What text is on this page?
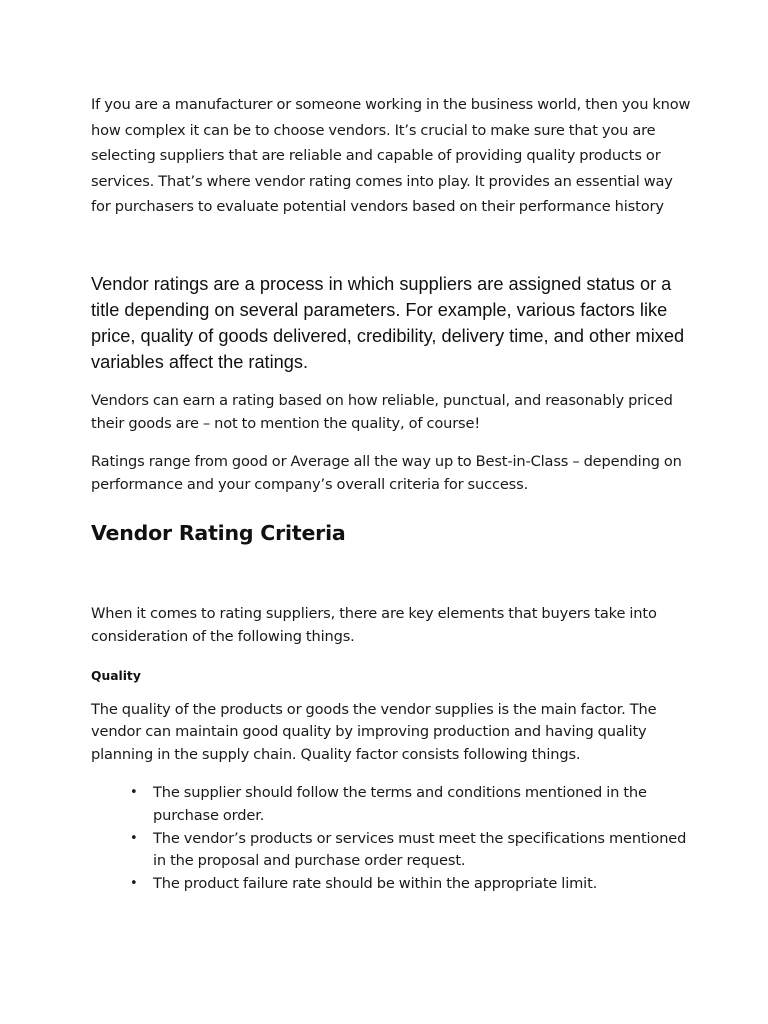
If you are a manufacturer or someone working in the business world, then you know how complex it can be to choose vendors. It’s crucial to make sure that you are selecting suppliers that are reliable and capable of providing quality products or services. That’s where vendor rating comes into play. It provides an essential way for purchasers to evaluate potential vendors based on their performance history

Vendor ratings are a process in which suppliers are assigned status or a title depending on several parameters. For example, various factors like price, quality of goods delivered, credibility, delivery time, and other mixed variables affect the ratings.

Vendors can earn a rating based on how reliable, punctual, and reasonably priced their goods are – not to mention the quality, of course!

Ratings range from good or Average all the way up to Best-in-Class – depending on performance and your company’s overall criteria for success.

Vendor Rating Criteria

When it comes to rating suppliers, there are key elements that buyers take into consideration of the following things.

Quality

The quality of the products or goods the vendor supplies is the main factor. The vendor can maintain good quality by improving production and having quality planning in the supply chain. Quality factor consists following things.

• The supplier should follow the terms and conditions mentioned in the purchase order.
• The vendor’s products or services must meet the specifications mentioned in the proposal and purchase order request.
• The product failure rate should be within the appropriate limit.
